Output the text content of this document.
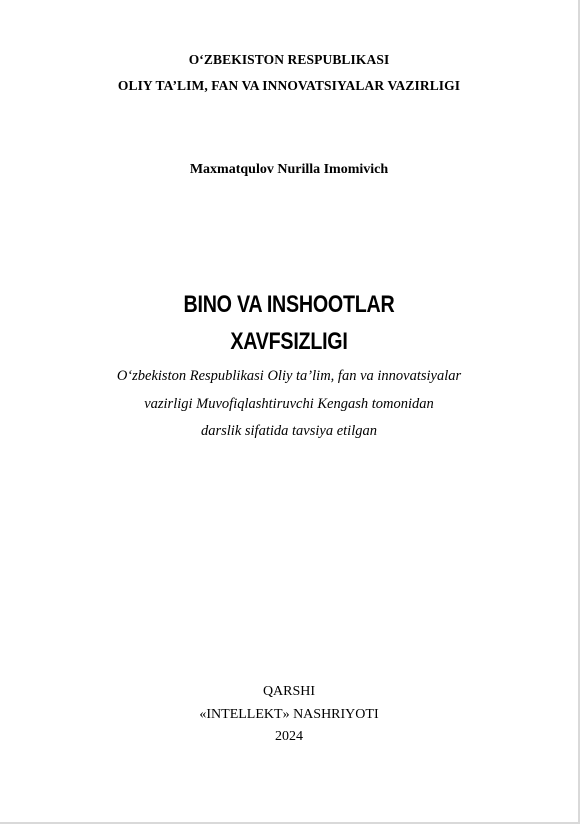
O‘ZBEKISTON RESPUBLIKASI
OLIY TA’LIM, FAN VA INNOVATSIYALAR VAZIRLIGI
Maxmatqulov Nurilla Imomivich
BINO VA INSHOOTLAR
XAVFSIZLIGI
O‘zbekiston Respublikasi Oliy ta’lim, fan va innovatsiyalar
vazirligi Muvofiqlashtiruvchi Kengash tomonidan
darslik sifatida tavsiya etilgan
QARSHI
«INTELLEKT» NASHRIYOTI
2024
